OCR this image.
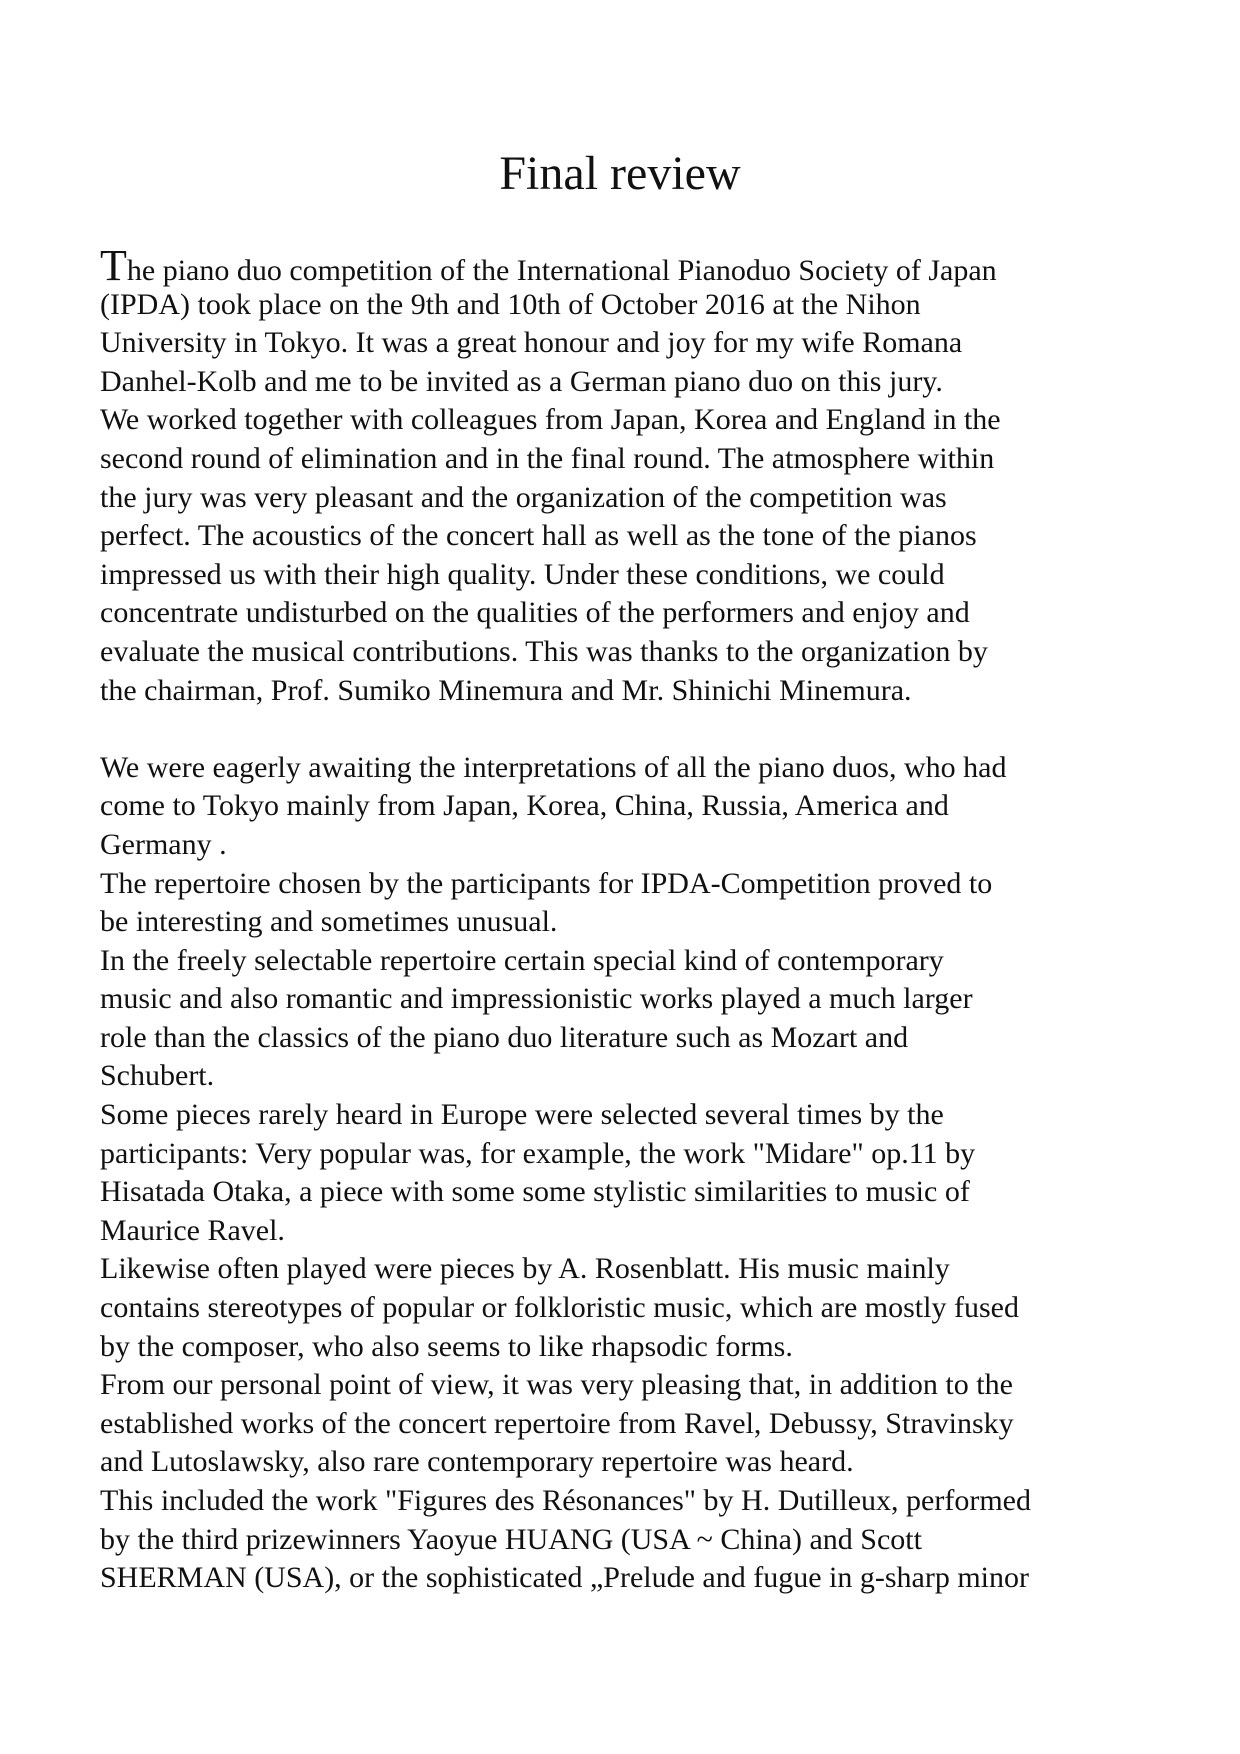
Final review
The piano duo competition of the International Pianoduo Society of Japan
(IPDA) took place on the 9th and 10th of October 2016 at the Nihon
University in Tokyo. It was a great honour and joy for my wife Romana
Danhel-Kolb and me to be invited as a German piano duo on this jury.
We worked together with colleagues from Japan, Korea and England in the
second round of elimination and in the final round. The atmosphere within
the jury was very pleasant and the organization of the competition was
perfect. The acoustics of the concert hall as well as the tone of the pianos
impressed us with their high quality. Under these conditions, we could
concentrate undisturbed on the qualities of the performers and enjoy and
evaluate the musical contributions. This was thanks to the organization by
the chairman, Prof. Sumiko Minemura and Mr. Shinichi Minemura.
We were eagerly awaiting the interpretations of all the piano duos, who had
come to Tokyo mainly from Japan, Korea, China, Russia, America and
Germany .
The repertoire chosen by the participants for IPDA-Competition proved to
be interesting and sometimes unusual.
In the freely selectable repertoire certain special kind of contemporary
music and also romantic and impressionistic works played a much larger
role than the classics of the piano duo literature such as Mozart and
Schubert.
Some pieces rarely heard in Europe were selected several times by the
participants: Very popular was, for example, the work "Midare" op.11 by
Hisatada Otaka, a piece with some some stylistic similarities to music of
Maurice Ravel.
Likewise often played were pieces by A. Rosenblatt. His music mainly
contains stereotypes of popular or folkloristic music, which are mostly fused
by the composer, who also seems to like rhapsodic forms.
From our personal point of view, it was very pleasing that, in addition to the
established works of the concert repertoire from Ravel, Debussy, Stravinsky
and Lutoslawsky, also rare contemporary repertoire was heard.
This included the work "Figures des Résonances" by H. Dutilleux, performed
by the third prizewinners Yaoyue HUANG (USA ~ China) and Scott
SHERMAN (USA), or the sophisticated „Prelude and fugue in g-sharp minor
